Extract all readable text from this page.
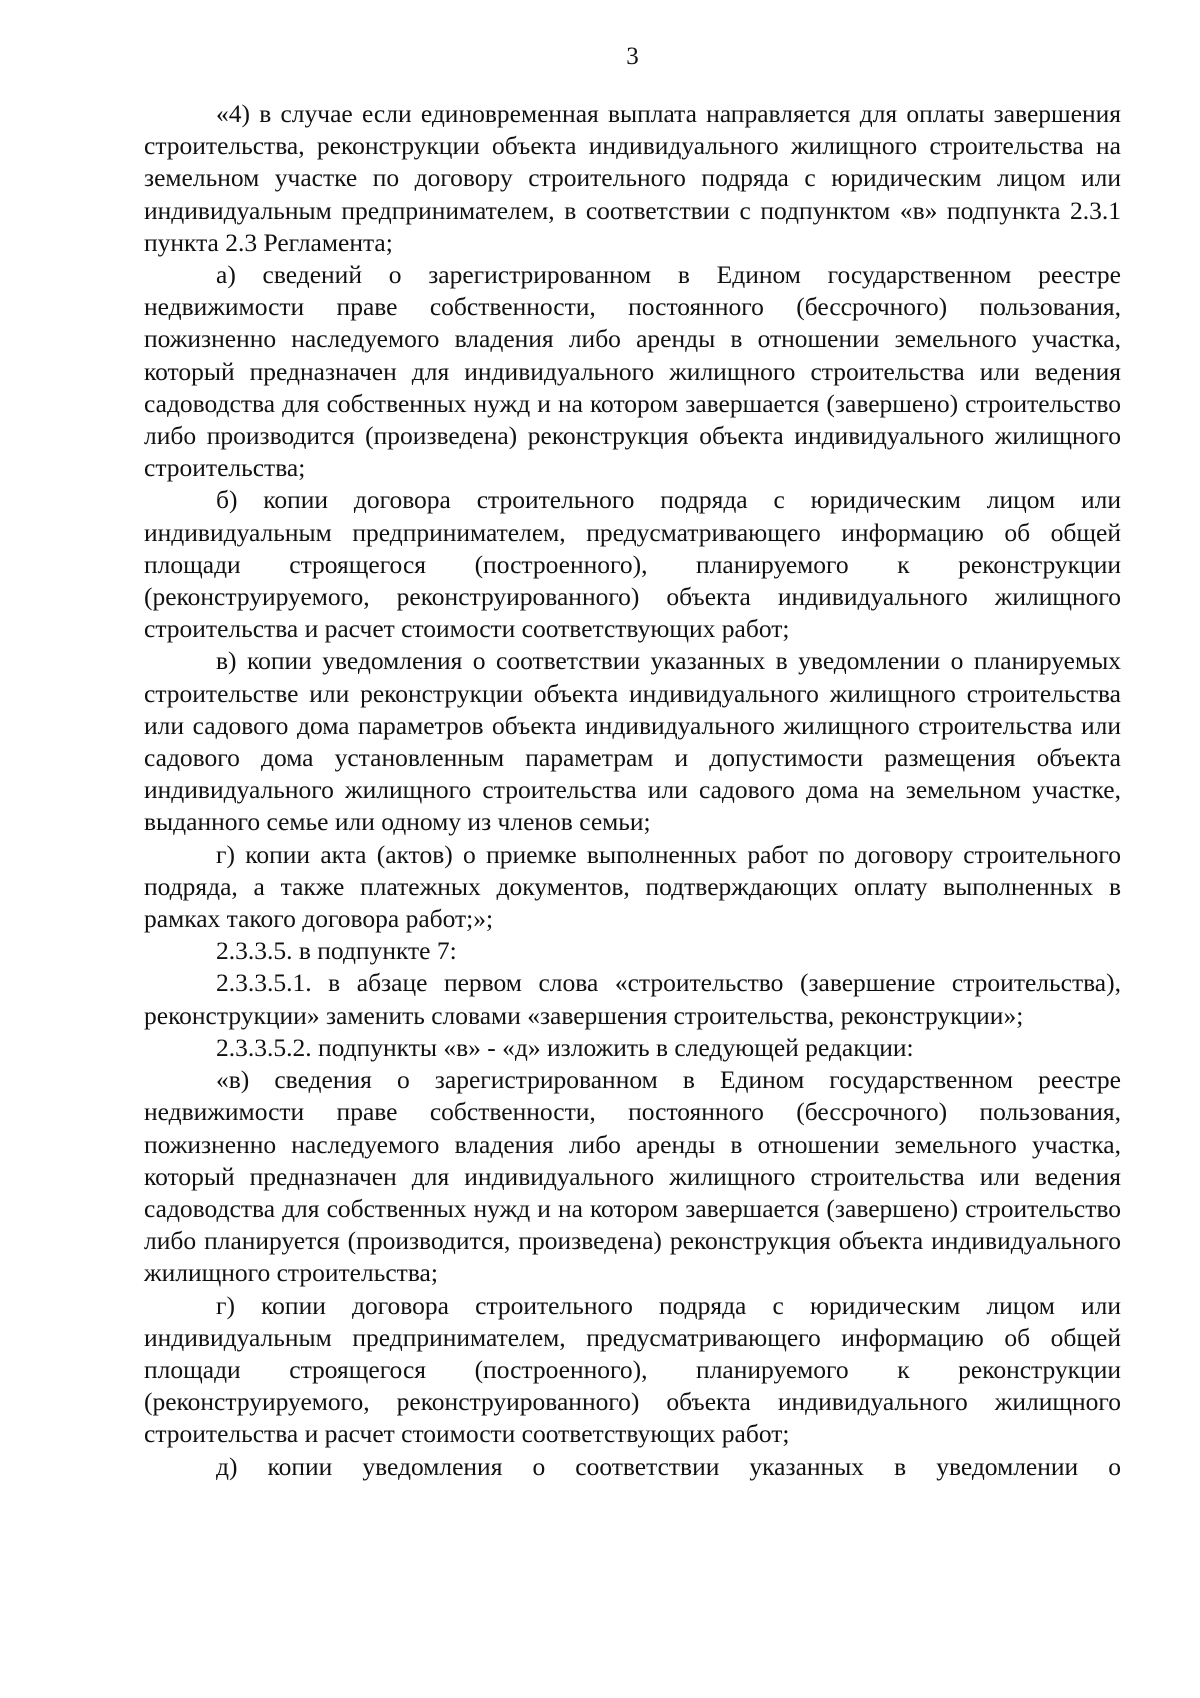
3

«4) в случае если единовременная выплата направляется для оплаты завершения строительства, реконструкции объекта индивидуального жилищного строительства на земельном участке по договору строительного подряда с юридическим лицом или индивидуальным предпринимателем, в соответствии с подпунктом «в» подпункта 2.3.1 пункта 2.3 Регламента;

а) сведений о зарегистрированном в Едином государственном реестре недвижимости праве собственности, постоянного (бессрочного) пользования, пожизненно наследуемого владения либо аренды в отношении земельного участка, который предназначен для индивидуального жилищного строительства или ведения садоводства для собственных нужд и на котором завершается (завершено) строительство либо производится (произведена) реконструкция объекта индивидуального жилищного строительства;

б) копии договора строительного подряда с юридическим лицом или индивидуальным предпринимателем, предусматривающего информацию об общей площади строящегося (построенного), планируемого к реконструкции (реконструируемого, реконструированного) объекта индивидуального жилищного строительства и расчет стоимости соответствующих работ;

в) копии уведомления о соответствии указанных в уведомлении о планируемых строительстве или реконструкции объекта индивидуального жилищного строительства или садового дома параметров объекта индивидуального жилищного строительства или садового дома установленным параметрам и допустимости размещения объекта индивидуального жилищного строительства или садового дома на земельном участке, выданного семье или одному из членов семьи;

г) копии акта (актов) о приемке выполненных работ по договору строительного подряда, а также платежных документов, подтверждающих оплату выполненных в рамках такого договора работ;»;

2.3.3.5. в подпункте 7:

2.3.3.5.1. в абзаце первом слова «строительство (завершение строительства), реконструкции» заменить словами «завершения строительства, реконструкции»;

2.3.3.5.2. подпункты «в» - «д» изложить в следующей редакции:

«в) сведения о зарегистрированном в Едином государственном реестре недвижимости праве собственности, постоянного (бессрочного) пользования, пожизненно наследуемого владения либо аренды в отношении земельного участка, который предназначен для индивидуального жилищного строительства или ведения садоводства для собственных нужд и на котором завершается (завершено) строительство либо планируется (производится, произведена) реконструкция объекта индивидуального жилищного строительства;

г) копии договора строительного подряда с юридическим лицом или индивидуальным предпринимателем, предусматривающего информацию об общей площади строящегося (построенного), планируемого к реконструкции (реконструируемого, реконструированного) объекта индивидуального жилищного строительства и расчет стоимости соответствующих работ;

д) копии уведомления о соответствии указанных в уведомлении о
